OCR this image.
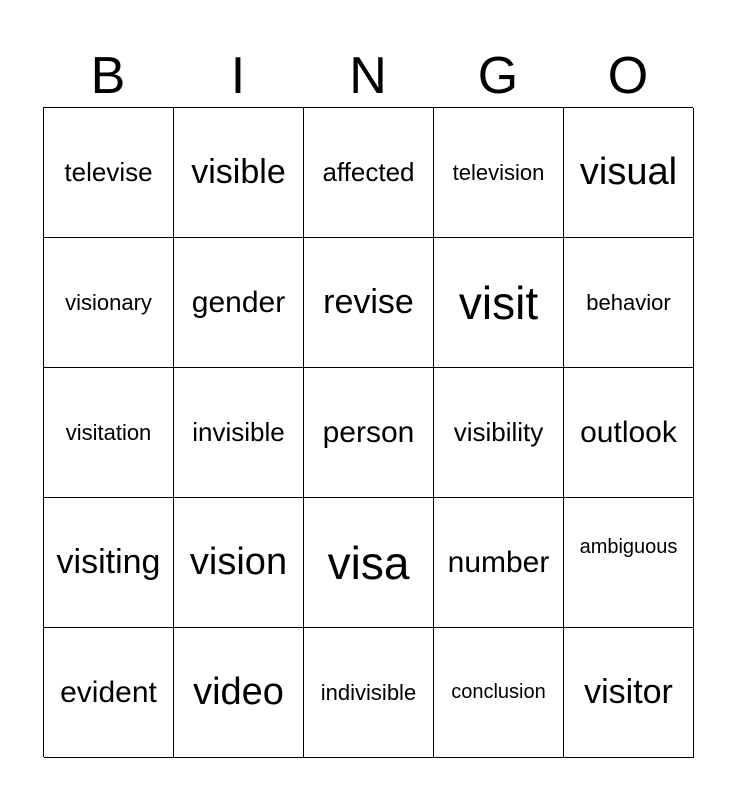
B	I	N	G	O
televise visible affected television visual
visionary gender revise visit behavior
visitation invisible person visibility outlook
visiting vision visa number ambiguous
evident video indivisible conclusion visitor
